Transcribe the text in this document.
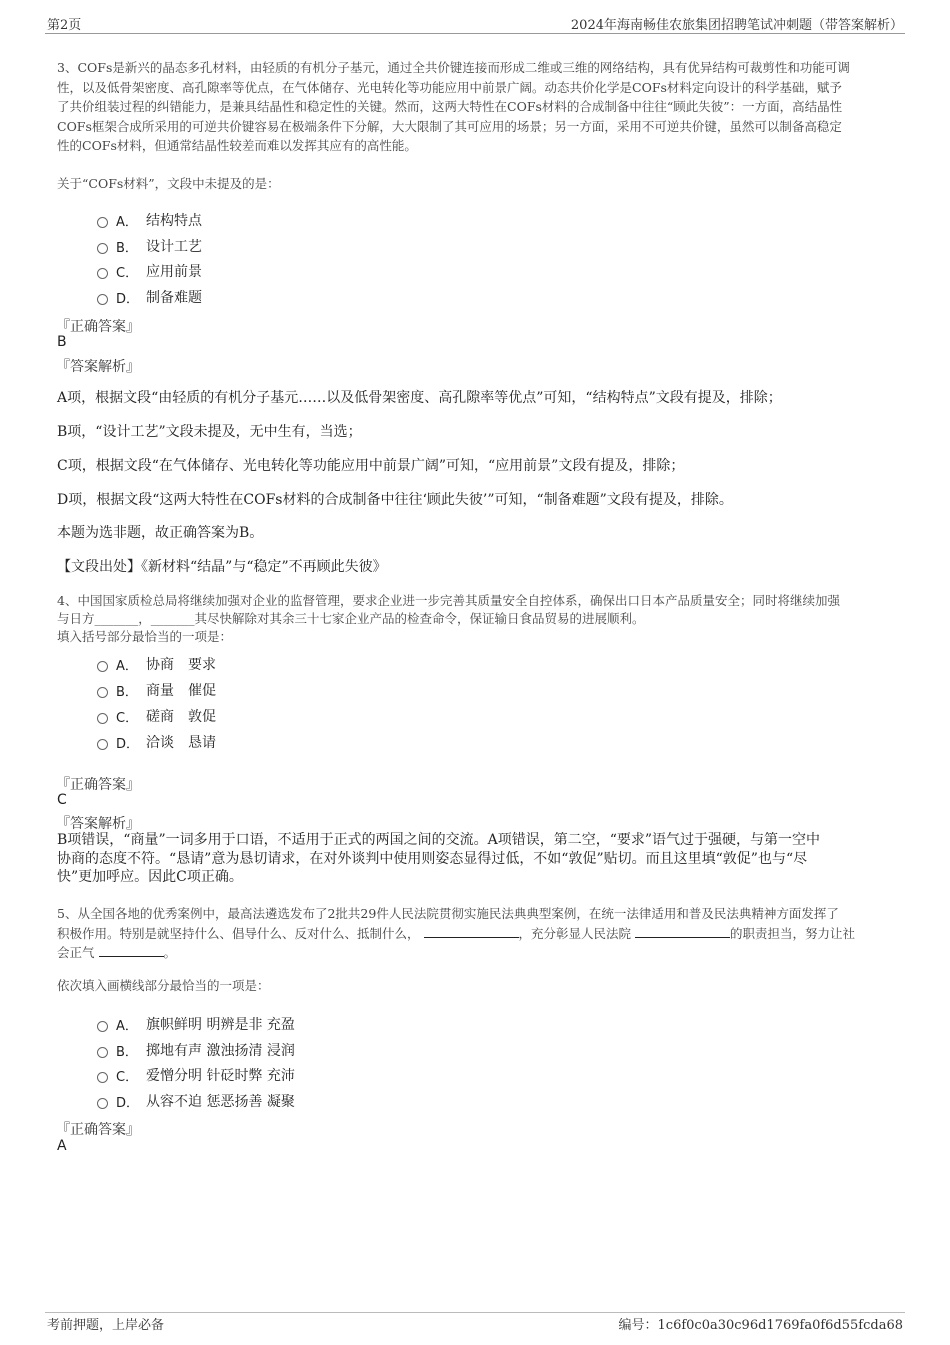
第2页	2024年海南畅佳农旅集团招聘笔试冲刺题（带答案解析）
3、COFs是新兴的晶态多孔材料，由轻质的有机分子基元，通过全共价键连接而形成二维或三维的网络结构，具有优异结构可裁剪性和功能可调
性，以及低骨架密度、高孔隙率等优点，在气体储存、光电转化等功能应用中前景广阔。动态共价化学是COFs材料定向设计的科学基础，赋予
了共价组装过程的纠错能力，是兼具结晶性和稳定性的关键。然而，这两大特性在COFs材料的合成制备中往往“顾此失彼”：一方面，高结晶性
COFs框架合成所采用的可逆共价键容易在极端条件下分解，大大限制了其可应用的场景；另一方面，采用不可逆共价键，虽然可以制备高稳定
性的COFs材料，但通常结晶性较差而难以发挥其应有的高性能。
关于“COFs材料”，文段中未提及的是：
A． 结构特点
B． 设计工艺
C． 应用前景
D． 制备难题
『正确答案』
B
『答案解析』
A项，根据文段“由轻质的有机分子基元……以及低骨架密度、高孔隙率等优点”可知，“结构特点”文段有提及，排除；
B项，“设计工艺”文段未提及，无中生有，当选；
C项，根据文段“在气体储存、光电转化等功能应用中前景广阔”可知，“应用前景”文段有提及，排除；
D项，根据文段“这两大特性在COFs材料的合成制备中往往‘顾此失彼’”可知，“制备难题”文段有提及，排除。
本题为选非题，故正确答案为B。
【文段出处】《新材料“结晶”与“稳定”不再顾此失彼》
4、中国国家质检总局将继续加强对企业的监督管理，要求企业进一步完善其质量安全自控体系，确保出口日本产品质量安全；同时将继续加强
与日方_______，_______其尽快解除对其余三十七家企业产品的检查命令，保证输日食品贸易的进展顺利。
填入括号部分最恰当的一项是：
A． 协商　要求
B． 商量　催促
C． 磋商　敦促
D． 洽谈　恳请
『正确答案』
C
『答案解析』
B项错误，“商量”一词多用于口语，不适用于正式的两国之间的交流。A项错误，第二空，“要求”语气过于强硬，与第一空中
协商的态度不符。“恳请”意为恳切请求，在对外谈判中使用则姿态显得过低，不如“敦促”贴切。而且这里填“敦促”也与“尽
快”更加呼应。因此C项正确。
5、从全国各地的优秀案例中，最高法遴选发布了2批共29件人民法院贯彻实施民法典典型案例，在统一法律适用和普及民法典精神方面发挥了
积极作用。特别是就坚持什么、倡导什么、反对什么、抵制什么，	，充分彰显人民法院	的职责担当，努力让社
会正气	。
依次填入画横线部分最恰当的一项是：
A． 旗帜鲜明 明辨是非 充盈
B． 掷地有声 激浊扬清 浸润
C． 爱憎分明 针砭时弊 充沛
D． 从容不迫 惩恶扬善 凝聚
『正确答案』
A
考前押题，上岸必备	编号：1c6f0c0a30c96d1769fa0f6d55fcda68
